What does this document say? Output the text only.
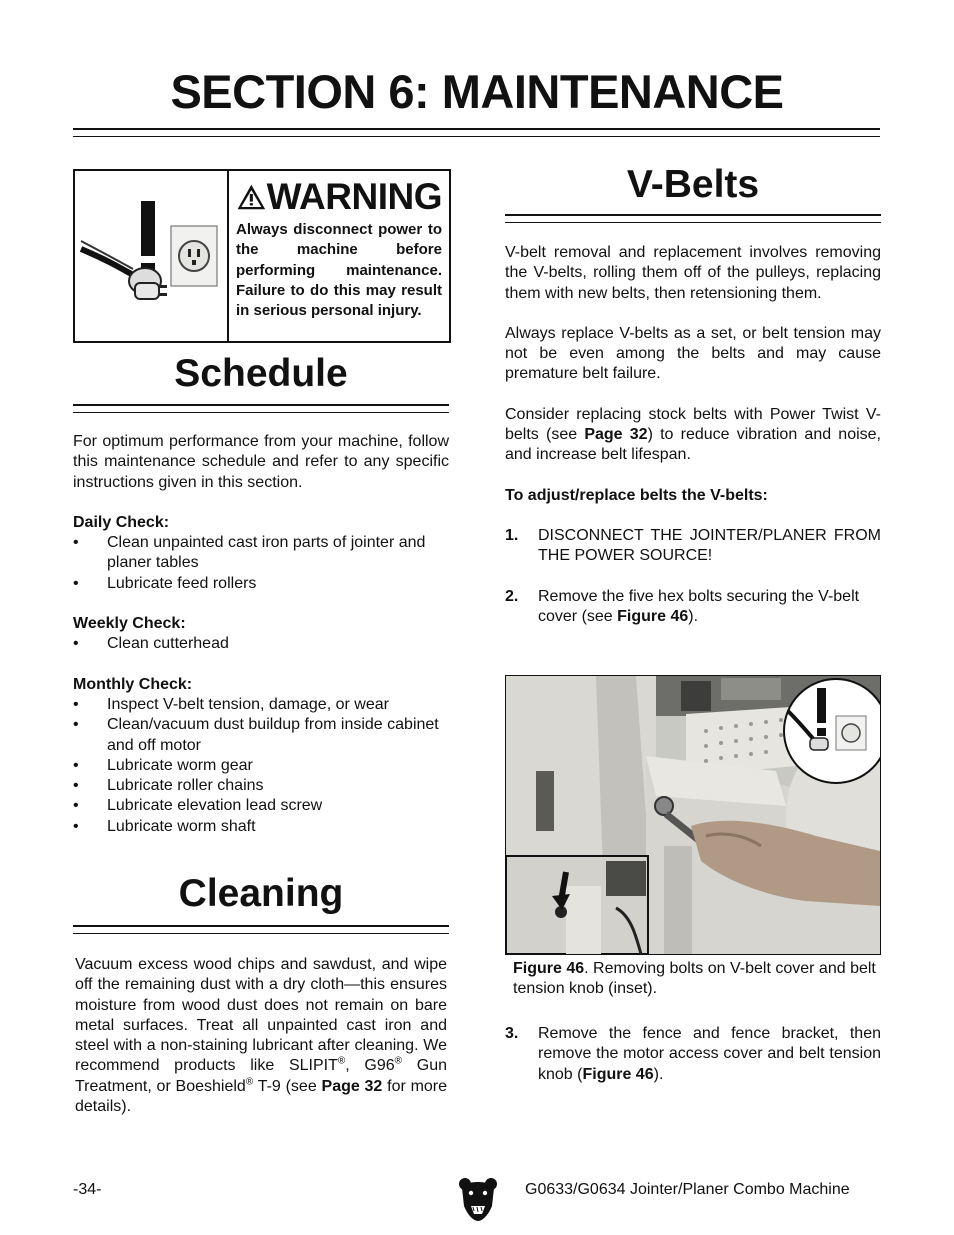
SECTION 6: MAINTENANCE
WARNING
Always disconnect power to the machine before performing maintenance. Failure to do this may result in serious personal injury.
Schedule
For optimum performance from your machine, follow this maintenance schedule and refer to any specific instructions given in this section.
Daily Check:
• Clean unpainted cast iron parts of jointer and planer tables
• Lubricate feed rollers
Weekly Check:
• Clean cutterhead
Monthly Check:
• Inspect V-belt tension, damage, or wear
• Clean/vacuum dust buildup from inside cabinet and off motor
• Lubricate worm gear
• Lubricate roller chains
• Lubricate elevation lead screw
• Lubricate worm shaft
Cleaning
Vacuum excess wood chips and sawdust, and wipe off the remaining dust with a dry cloth—this ensures moisture from wood dust does not remain on bare metal surfaces. Treat all unpainted cast iron and steel with a non-staining lubricant after cleaning. We recommend products like SLIPIT®, G96® Gun Treatment, or Boeshield® T-9 (see Page 32 for more details).
V-Belts
V-belt removal and replacement involves removing the V-belts, rolling them off of the pulleys, replacing them with new belts, then retensioning them.
Always replace V-belts as a set, or belt tension may not be even among the belts and may cause premature belt failure.
Consider replacing stock belts with Power Twist V-belts (see Page 32) to reduce vibration and noise, and increase belt lifespan.
To adjust/replace belts the V-belts:
1. DISCONNECT THE JOINTER/PLANER FROM THE POWER SOURCE!
2. Remove the five hex bolts securing the V-belt cover (see Figure 46).
Figure 46. Removing bolts on V-belt cover and belt tension knob (inset).
3. Remove the fence and fence bracket, then remove the motor access cover and belt tension knob (Figure 46).
-34-	G0633/G0634 Jointer/Planer Combo Machine
